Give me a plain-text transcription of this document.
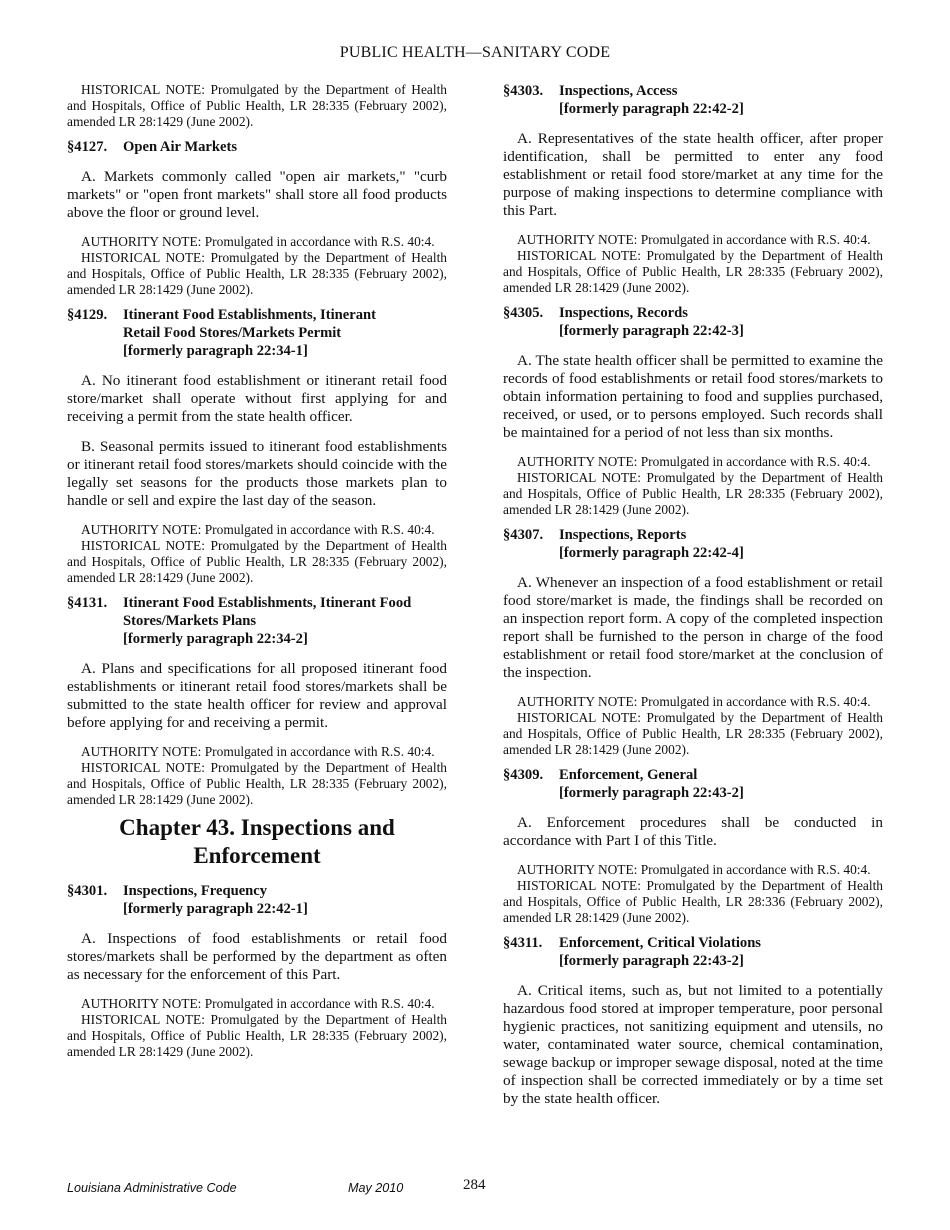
PUBLIC HEALTH—SANITARY CODE

HISTORICAL NOTE: Promulgated by the Department of Health and Hospitals, Office of Public Health, LR 28:335 (February 2002), amended LR 28:1429 (June 2002).

§4127.	Open Air Markets

A. Markets commonly called "open air markets," "curb markets" or "open front markets" shall store all food products above the floor or ground level.

AUTHORITY NOTE: Promulgated in accordance with R.S. 40:4.

HISTORICAL NOTE: Promulgated by the Department of Health and Hospitals, Office of Public Health, LR 28:335 (February 2002), amended LR 28:1429 (June 2002).

§4129.	Itinerant Food Establishments, Itinerant
Retail Food Stores/Markets Permit
[formerly paragraph 22:34-1]

A. No itinerant food establishment or itinerant retail food store/market shall operate without first applying for and receiving a permit from the state health officer.

B. Seasonal permits issued to itinerant food establishments or itinerant retail food stores/markets should coincide with the legally set seasons for the products those markets plan to handle or sell and expire the last day of the season.

AUTHORITY NOTE: Promulgated in accordance with R.S. 40:4.

HISTORICAL NOTE: Promulgated by the Department of Health and Hospitals, Office of Public Health, LR 28:335 (February 2002), amended LR 28:1429 (June 2002).

§4131.	Itinerant Food Establishments, Itinerant Food
Stores/Markets Plans
[formerly paragraph 22:34-2]

A. Plans and specifications for all proposed itinerant food establishments or itinerant retail food stores/markets shall be submitted to the state health officer for review and approval before applying for and receiving a permit.

AUTHORITY NOTE: Promulgated in accordance with R.S. 40:4.

HISTORICAL NOTE: Promulgated by the Department of Health and Hospitals, Office of Public Health, LR 28:335 (February 2002), amended LR 28:1429 (June 2002).

Chapter 43. Inspections and
Enforcement
§4301.	Inspections, Frequency
[formerly paragraph 22:42-1]

A. Inspections of food establishments or retail food stores/markets shall be performed by the department as often as necessary for the enforcement of this Part.

AUTHORITY NOTE: Promulgated in accordance with R.S. 40:4.

HISTORICAL NOTE: Promulgated by the Department of Health and Hospitals, Office of Public Health, LR 28:335 (February 2002), amended LR 28:1429 (June 2002).

§4303.	Inspections, Access
[formerly paragraph 22:42-2]

A. Representatives of the state health officer, after proper identification, shall be permitted to enter any food establishment or retail food store/market at any time for the purpose of making inspections to determine compliance with this Part.

AUTHORITY NOTE: Promulgated in accordance with R.S. 40:4.

HISTORICAL NOTE: Promulgated by the Department of Health and Hospitals, Office of Public Health, LR 28:335 (February 2002), amended LR 28:1429 (June 2002).

§4305.	Inspections, Records
[formerly paragraph 22:42-3]

A. The state health officer shall be permitted to examine the records of food establishments or retail food stores/markets to obtain information pertaining to food and supplies purchased, received, or used, or to persons employed. Such records shall be maintained for a period of not less than six months.

AUTHORITY NOTE: Promulgated in accordance with R.S. 40:4.

HISTORICAL NOTE: Promulgated by the Department of Health and Hospitals, Office of Public Health, LR 28:335 (February 2002), amended LR 28:1429 (June 2002).

§4307.	Inspections, Reports
[formerly paragraph 22:42-4]

A. Whenever an inspection of a food establishment or retail food store/market is made, the findings shall be recorded on an inspection report form. A copy of the completed inspection report shall be furnished to the person in charge of the food establishment or retail food store/market at the conclusion of the inspection.

AUTHORITY NOTE: Promulgated in accordance with R.S. 40:4.

HISTORICAL NOTE: Promulgated by the Department of Health and Hospitals, Office of Public Health, LR 28:335 (February 2002), amended LR 28:1429 (June 2002).

§4309.	Enforcement, General
[formerly paragraph 22:43-2]

A. Enforcement procedures shall be conducted in accordance with Part I of this Title.

AUTHORITY NOTE: Promulgated in accordance with R.S. 40:4.

HISTORICAL NOTE: Promulgated by the Department of Health and Hospitals, Office of Public Health, LR 28:336 (February 2002), amended LR 28:1429 (June 2002).

§4311.	Enforcement, Critical Violations
[formerly paragraph 22:43-2]

A. Critical items, such as, but not limited to a potentially hazardous food stored at improper temperature, poor personal hygienic practices, not sanitizing equipment and utensils, no water, contaminated water source, chemical contamination, sewage backup or improper sewage disposal, noted at the time of inspection shall be corrected immediately or by a time set by the state health officer.

Louisiana Administrative Code	May 2010	284
